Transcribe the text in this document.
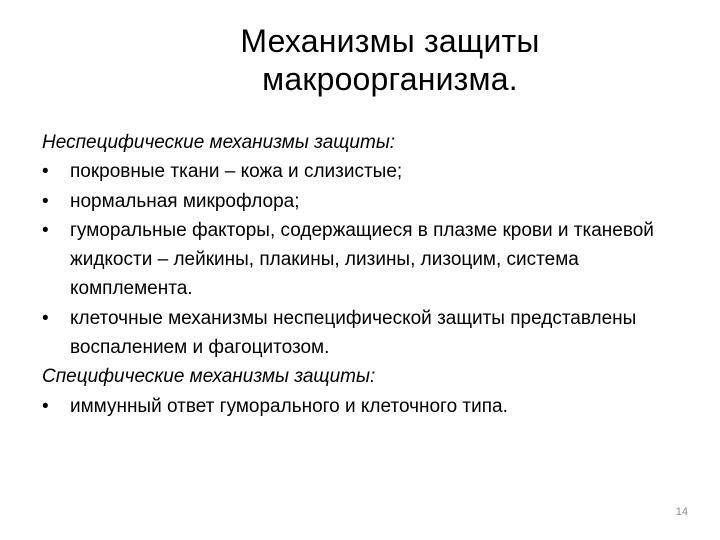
Механизмы защиты
макроорганизма.
Неспецифические механизмы защиты:
•	покровные ткани – кожа и слизистые;
•	нормальная микрофлора;
•	гуморальные факторы, содержащиеся в плазме крови и тканевой жидкости – лейкины, плакины, лизины, лизоцим, система комплемента.
•	клеточные механизмы неспецифической защиты представлены воспалением и фагоцитозом.
Специфические механизмы защиты:
•	иммунный ответ гуморального и клеточного типа.
14
